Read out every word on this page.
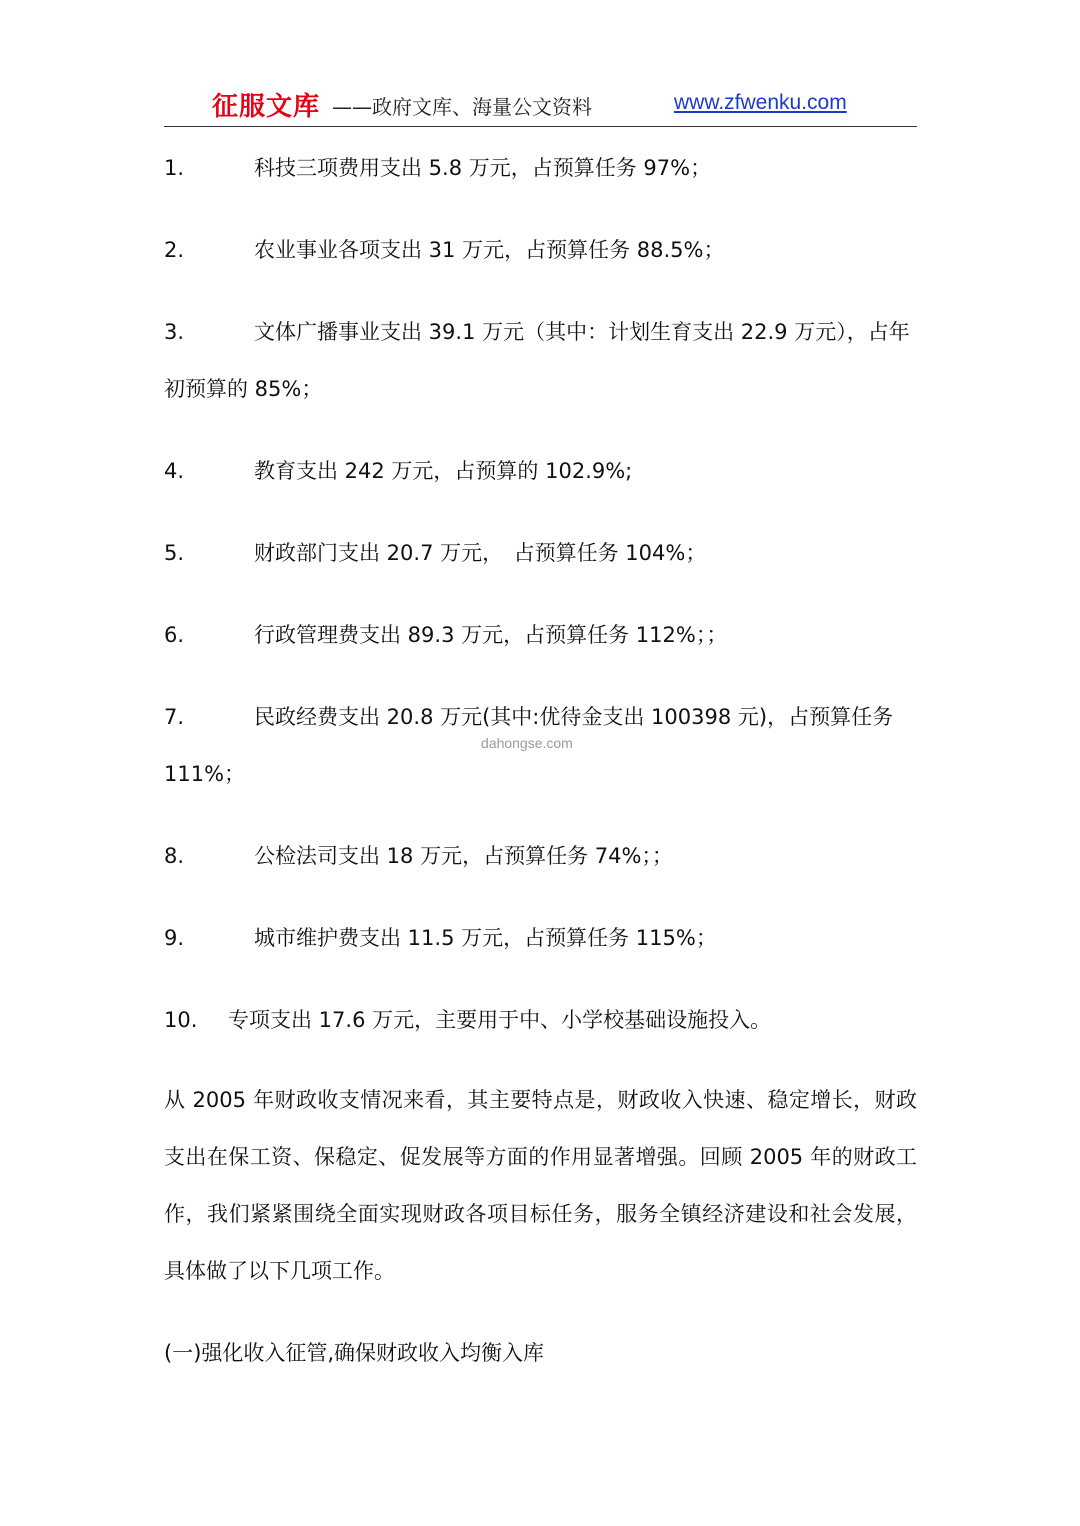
征服文库 ——政府文库、海量公文资料	www.zfwenku.com
1.	科技三项费用支出 5.8 万元，占预算任务 97%；
2.	农业事业各项支出 31 万元，占预算任务 88.5%；
3.	文体广播事业支出 39.1 万元（其中：计划生育支出 22.9 万元），占年初预算的 85%；
4.	教育支出 242 万元，占预算的 102.9%;
5.	财政部门支出 20.7 万元，　占预算任务 104%；
6.	行政管理费支出 89.3 万元，占预算任务 112%；；
7.	民政经费支出 20.8 万元(其中:优待金支出 100398 元)，占预算任务 111%；
8.	公检法司支出 18 万元，占预算任务 74%；；
9.	城市维护费支出 11.5 万元，占预算任务 115%；
10.	专项支出 17.6 万元，主要用于中、小学校基础设施投入。
从 2005 年财政收支情况来看，其主要特点是，财政收入快速、稳定增长，财政支出在保工资、保稳定、促发展等方面的作用显著增强。回顾 2005 年的财政工作，我们紧紧围绕全面实现财政各项目标任务，服务全镇经济建设和社会发展，具体做了以下几项工作。
(一)强化收入征管,确保财政收入均衡入库
dahongse.com
